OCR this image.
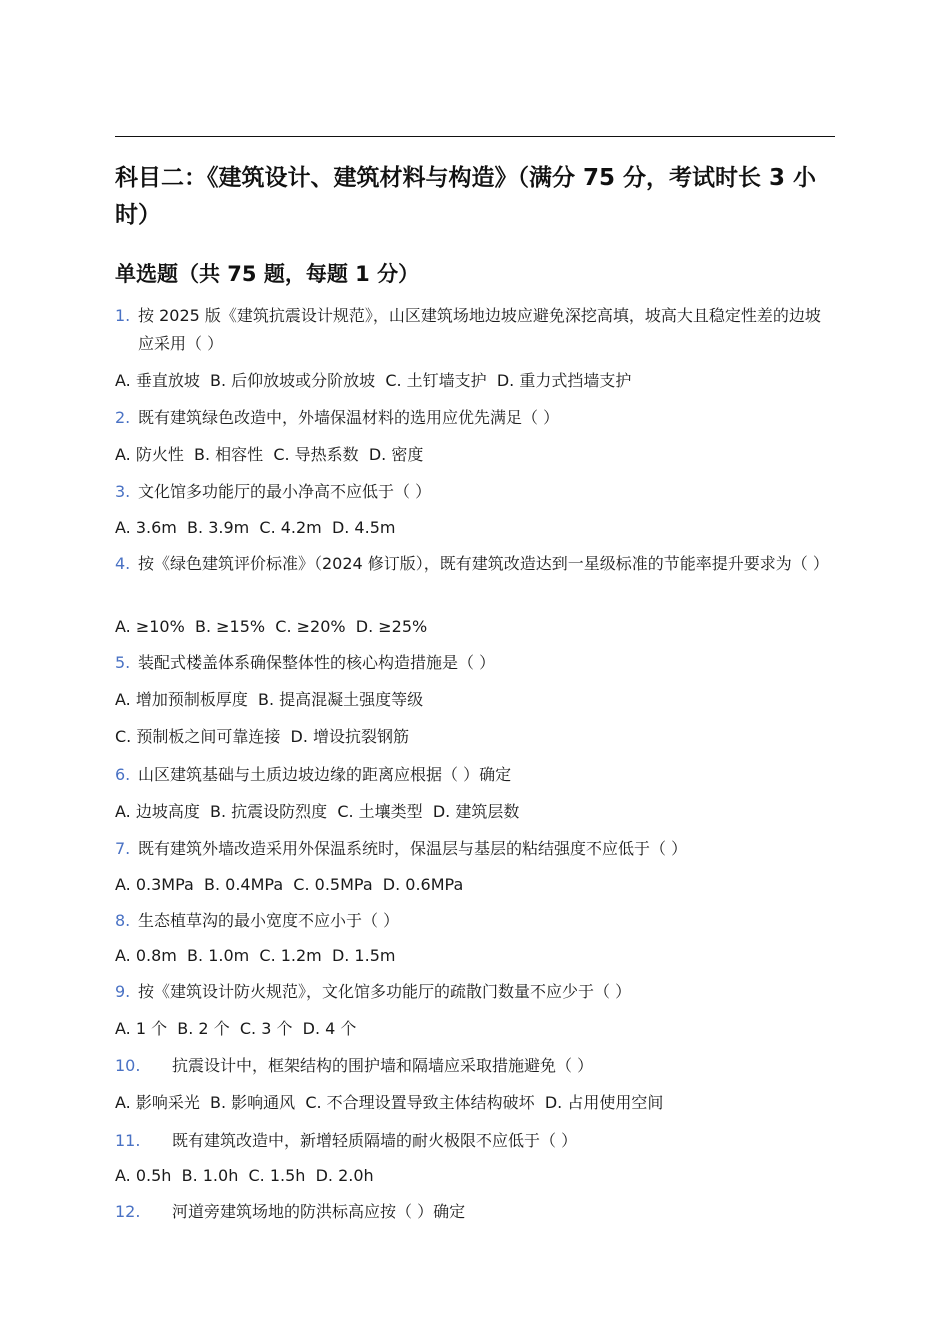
科目二：《建筑设计、建筑材料与构造》（满分 75 分，考试时长 3 小时）
单选题（共 75 题，每题 1 分）
1. 按 2025 版《建筑抗震设计规范》，山区建筑场地边坡应避免深挖高填，坡高大且稳定性差的边坡应采用（ ）
A. 垂直放坡  B. 后仰放坡或分阶放坡  C. 土钉墙支护  D. 重力式挡墙支护
2. 既有建筑绿色改造中，外墙保温材料的选用应优先满足（ ）
A. 防火性  B. 相容性  C. 导热系数  D. 密度
3. 文化馆多功能厅的最小净高不应低于（ ）
A. 3.6m  B. 3.9m  C. 4.2m  D. 4.5m
4. 按《绿色建筑评价标准》（2024 修订版），既有建筑改造达到一星级标准的节能率提升要求为（ ）
A. ≥10%  B. ≥15%  C. ≥20%  D. ≥25%
5. 装配式楼盖体系确保整体性的核心构造措施是（ ）
A. 增加预制板厚度  B. 提高混凝土强度等级
C. 预制板之间可靠连接  D. 增设抗裂钢筋
6. 山区建筑基础与土质边坡边缘的距离应根据（ ）确定
A. 边坡高度  B. 抗震设防烈度  C. 土壤类型  D. 建筑层数
7. 既有建筑外墙改造采用外保温系统时，保温层与基层的粘结强度不应低于（ ）
A. 0.3MPa  B. 0.4MPa  C. 0.5MPa  D. 0.6MPa
8. 生态植草沟的最小宽度不应小于（ ）
A. 0.8m  B. 1.0m  C. 1.2m  D. 1.5m
9. 按《建筑设计防火规范》，文化馆多功能厅的疏散门数量不应少于（ ）
A. 1 个  B. 2 个  C. 3 个  D. 4 个
10.	抗震设计中，框架结构的围护墙和隔墙应采取措施避免（ ）
A. 影响采光  B. 影响通风  C. 不合理设置导致主体结构破坏  D. 占用使用空间
11.	既有建筑改造中，新增轻质隔墙的耐火极限不应低于（ ）
A. 0.5h  B. 1.0h  C. 1.5h  D. 2.0h
12.	河道旁建筑场地的防洪标高应按（ ）确定
